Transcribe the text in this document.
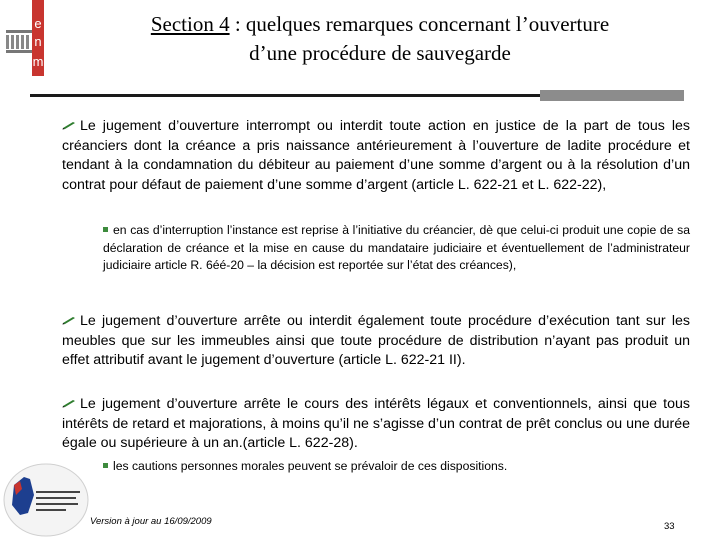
e
n
m
Section 4 : quelques remarques concernant l’ouverture
d’une procédure de sauvegarde

Le jugement d’ouverture interrompt ou interdit toute action en justice de la part de tous les créanciers dont la créance a pris naissance antérieurement à l’ouverture de ladite procédure et tendant à la condamnation du débiteur au paiement d’une somme d’argent ou à la résolution d’un contrat pour défaut de paiement d’une somme d’argent (article L. 622-21 et L. 622-22),

en cas d’interruption l’instance est reprise à l’initiative du créancier, dè que celui-ci produit une copie de sa déclaration de créance et la mise en cause du mandataire judiciaire et éventuellement de l’administrateur judiciaire article R. 6éé-20 – la décision est reportée sur l’état des créances),

Le jugement d’ouverture arrête ou interdit également toute procédure d’exécution tant sur les meubles que sur les immeubles ainsi que toute procédure de distribution n’ayant pas produit un effet attributif avant le jugement d’ouverture (article L. 622-21 II).

Le jugement d’ouverture arrête le cours des intérêts légaux et conventionnels, ainsi que tous intérêts de retard et majorations, à moins qu’il ne s’agisse d’un contrat de prêt conclus ou une durée égale ou supérieure à un an.(article L. 622-28).

les cautions personnes morales peuvent se prévaloir de ces dispositions.

Version à jour au 16/09/2009	33
